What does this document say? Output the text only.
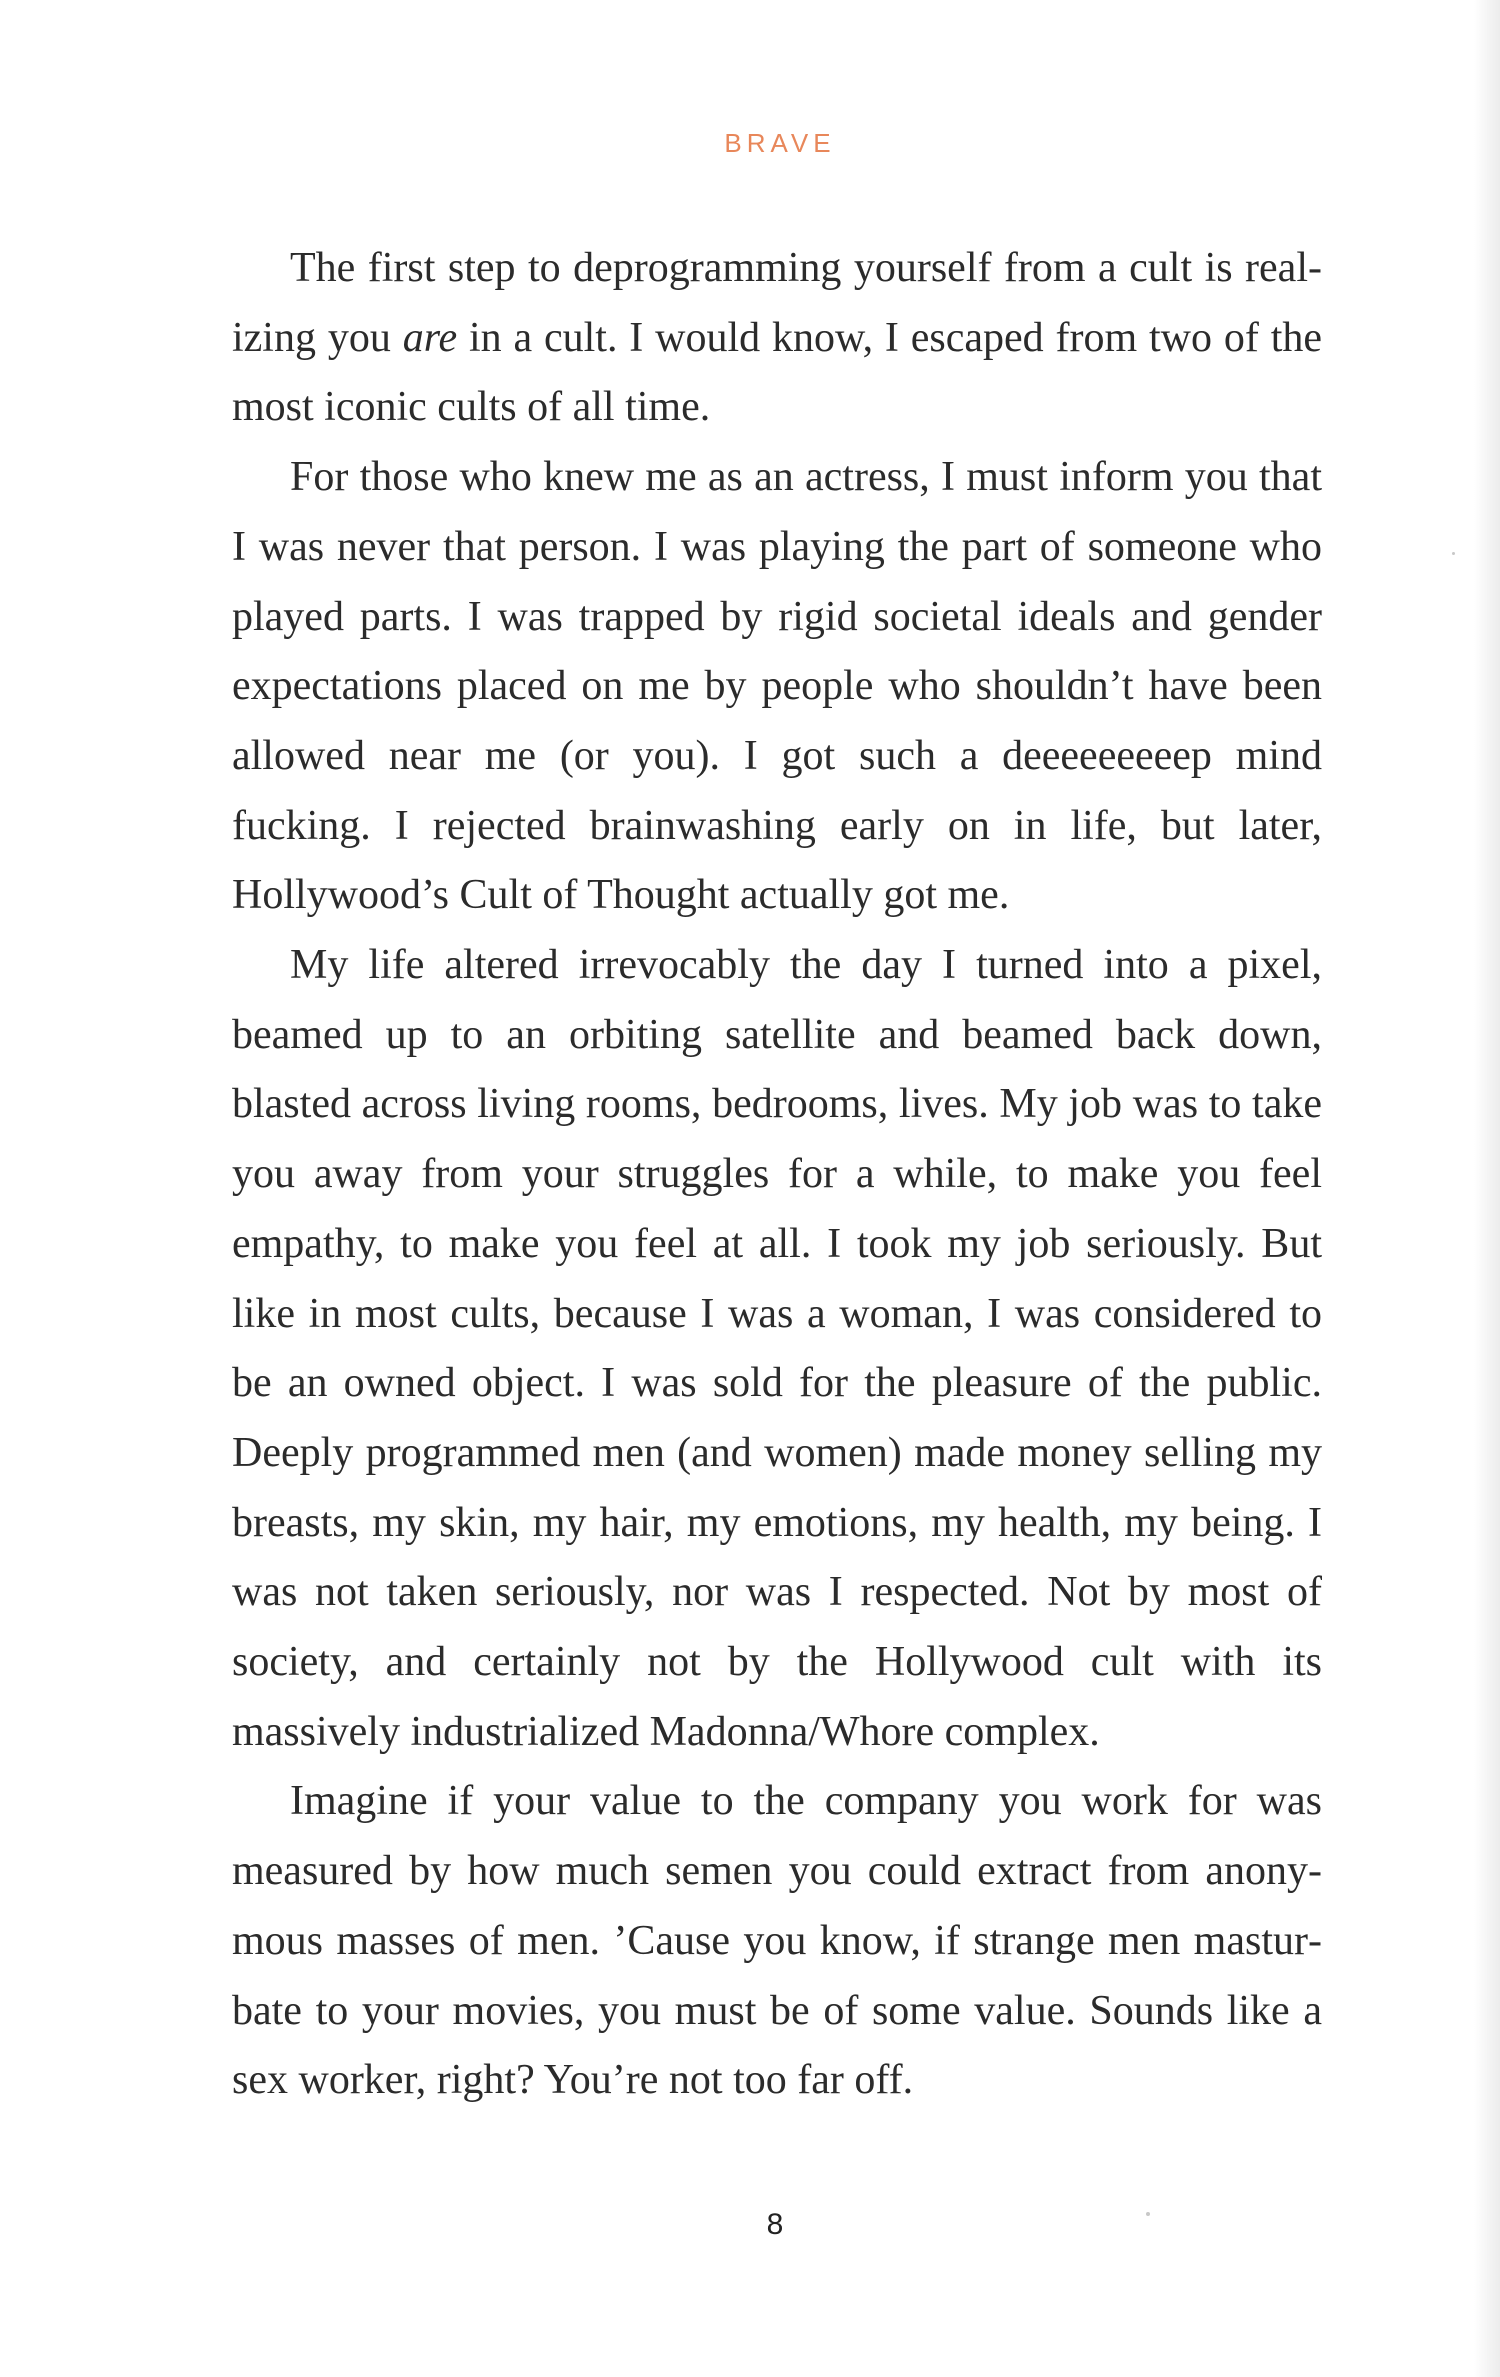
BRAVE

The first step to deprogramming yourself from a cult is realizing you are in a cult. I would know, I escaped from two of the most iconic cults of all time.

For those who knew me as an actress, I must inform you that I was never that person. I was playing the part of someone who played parts. I was trapped by rigid societal ideals and gender expectations placed on me by people who shouldn’t have been allowed near me (or you). I got such a deeeeeeeeep mind fucking. I rejected brainwashing early on in life, but later, Hollywood’s Cult of Thought actually got me.

My life altered irrevocably the day I turned into a pixel, beamed up to an orbiting satellite and beamed back down, blasted across living rooms, bedrooms, lives. My job was to take you away from your struggles for a while, to make you feel empathy, to make you feel at all. I took my job seriously. But like in most cults, because I was a woman, I was considered to be an owned object. I was sold for the pleasure of the public. Deeply programmed men (and women) made money selling my breasts, my skin, my hair, my emotions, my health, my being. I was not taken seriously, nor was I respected. Not by most of society, and certainly not by the Hollywood cult with its massively industrialized Madonna/Whore complex.

Imagine if your value to the company you work for was measured by how much semen you could extract from anonymous masses of men. ’Cause you know, if strange men masturbate to your movies, you must be of some value. Sounds like a sex worker, right? You’re not too far off.

8
